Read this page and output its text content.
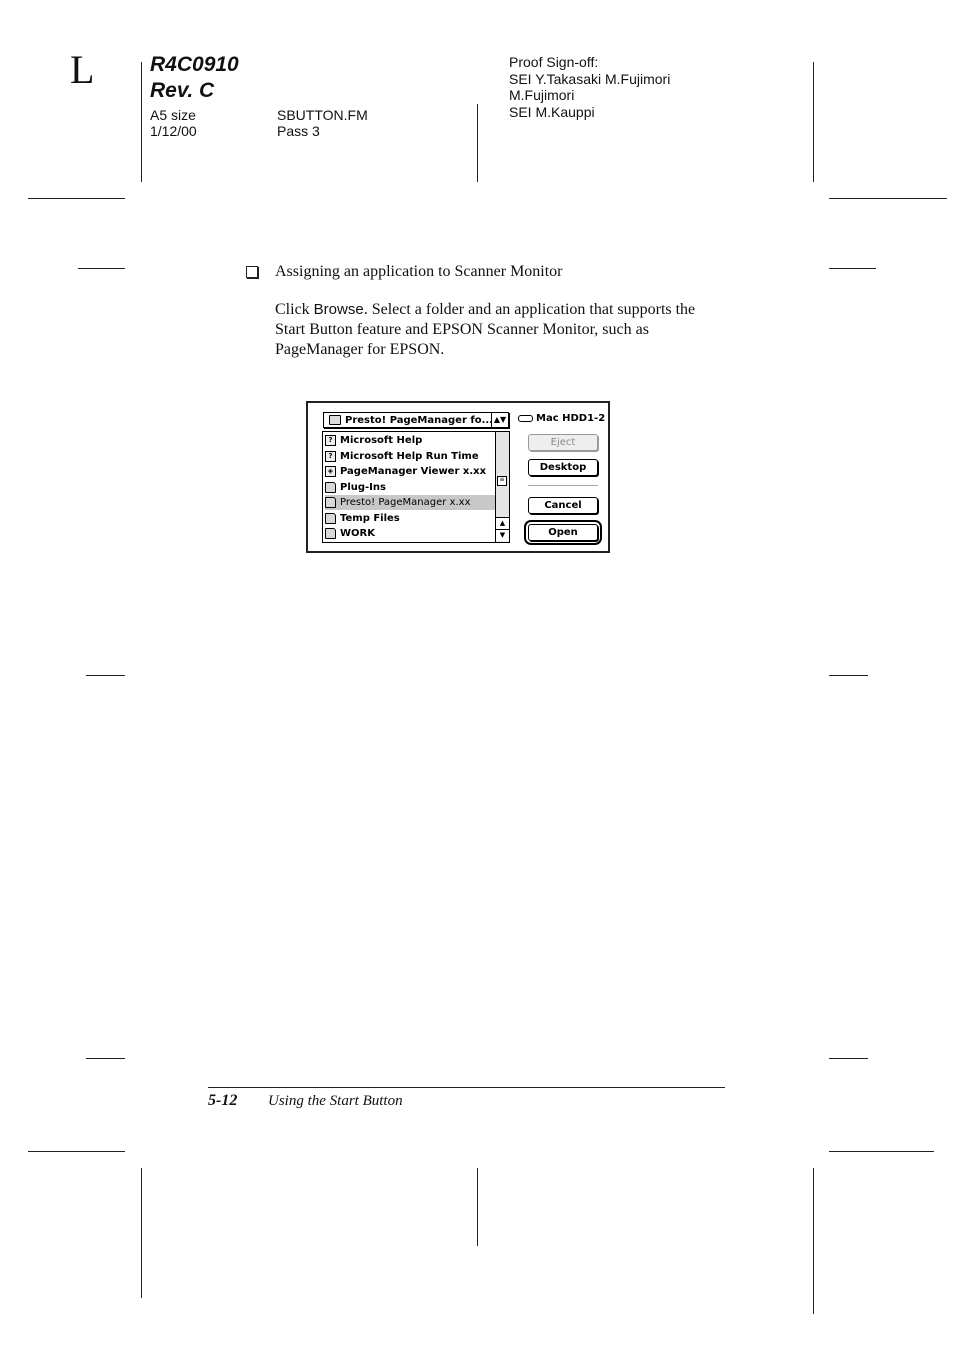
L	R4C0910
Rev. C
A5 size
1/12/00
SBUTTON.FM
Pass 3
Proof Sign-off:
SEI Y.Takasaki M.Fujimori
M.Fujimori
SEI M.Kauppi
Assigning an application to Scanner Monitor
Click Browse. Select a folder and an application that supports the Start Button feature and EPSON Scanner Monitor, such as PageManager for EPSON.
Presto! PageManager fo... ▲▼	Mac HDD1-2
? Microsoft Help
? Microsoft Help Run Time
◈ PageManager Viewer x.xx
Plug-Ins
Presto! PageManager x.xx
Temp Files
WORK
≡
▲
▼
Eject
Desktop
Cancel
Open
5-12 Using the Start Button
